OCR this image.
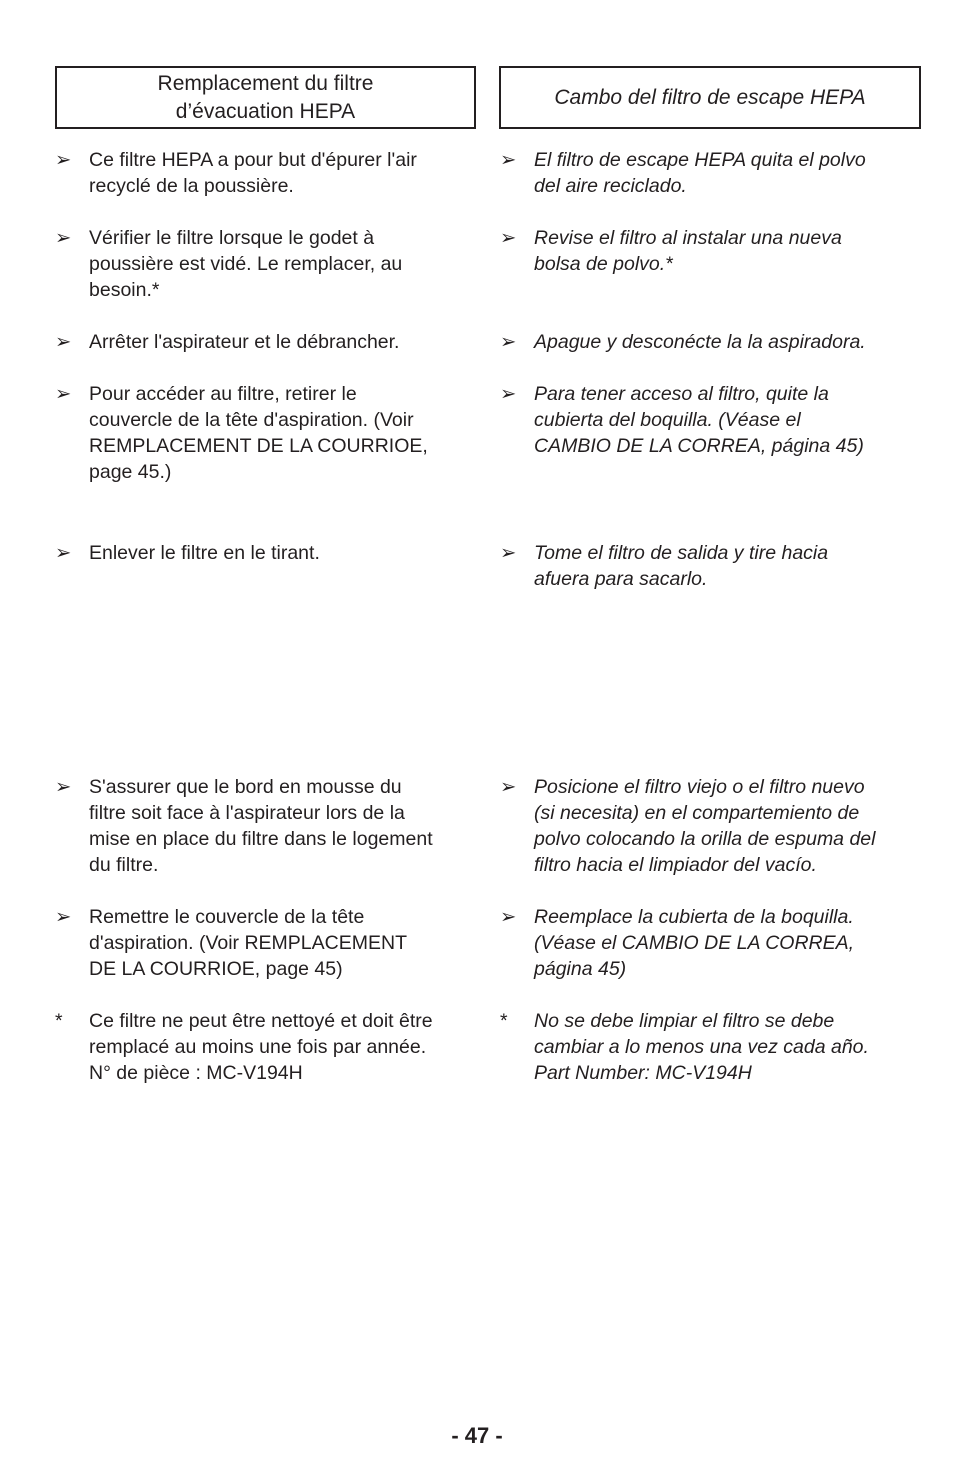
Remplacement du filtre
d’évacuation HEPA
Cambo del filtro de escape HEPA
➢ Ce filtre HEPA a pour but d'épurer l'air
recyclé de la poussière.
➢ Vérifier le filtre lorsque le godet à
poussière est vidé. Le remplacer, au
besoin.*
➢ Arrêter l'aspirateur et le débrancher.
➢ Pour accéder au filtre, retirer le
couvercle de la tête d'aspiration. (Voir
REMPLACEMENT DE LA COURRIOE,
page 45.)
➢ Enlever le filtre en le tirant.
➢ S'assurer que le bord en mousse du
filtre soit face à l'aspirateur lors de la
mise en place du filtre dans le logement
du filtre.
➢ Remettre le couvercle de la tête
d'aspiration. (Voir REMPLACEMENT
DE LA COURRIOE, page 45)
*	Ce filtre ne peut être nettoyé et doit être
remplacé au moins une fois par année.
N° de pièce : MC-V194H
➢ El filtro de escape HEPA quita el polvo
del aire reciclado.
➢ Revise el filtro al instalar una nueva
bolsa de polvo.*
➢ Apague y desconécte la la aspiradora.
➢ Para tener acceso al filtro, quite la
cubierta del boquilla. (Véase el
CAMBIO DE LA CORREA, página 45)
➢ Tome el filtro de salida y tire hacia
afuera para sacarlo.
➢ Posicione el filtro viejo o el filtro nuevo
(si necesita) en el compartemiento de
polvo colocando la orilla de espuma del
filtro hacia el limpiador del vacío.
➢ Reemplace la cubierta de la boquilla.
(Véase el CAMBIO DE LA CORREA,
página 45)
*	No se debe limpiar el filtro se debe
cambiar a lo menos una vez cada año.
Part Number: MC-V194H
- 47 -
